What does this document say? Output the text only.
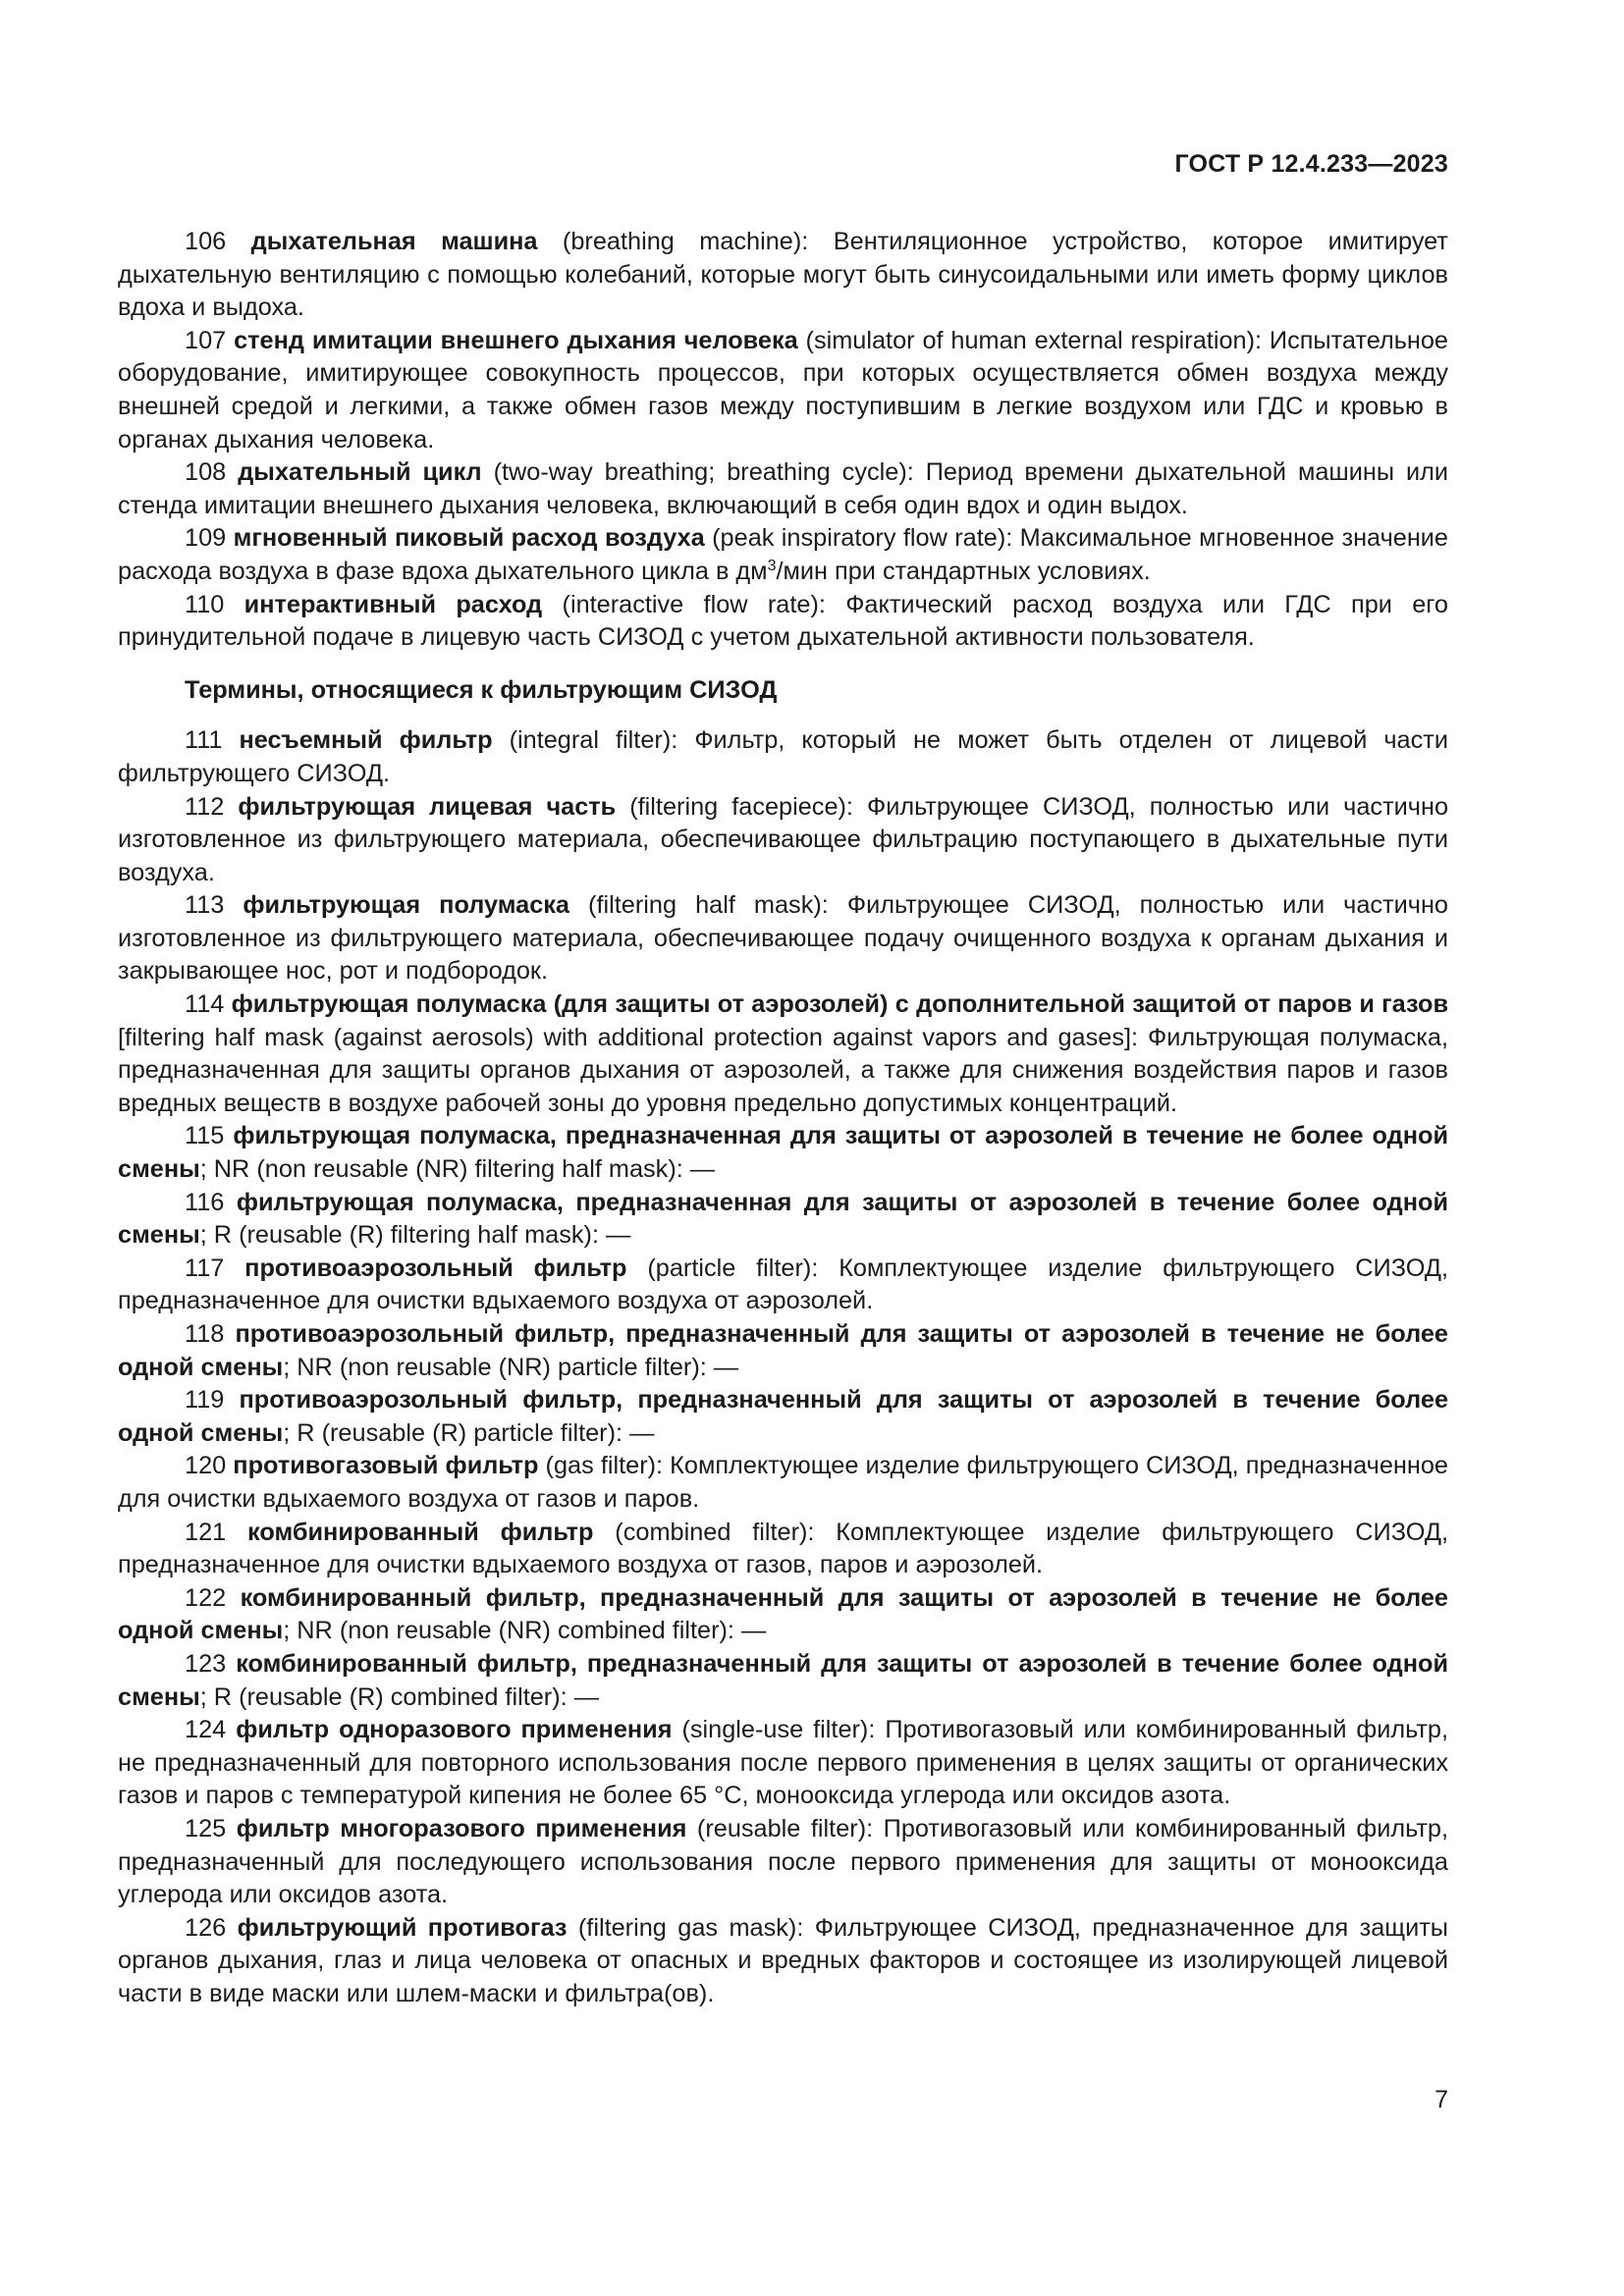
ГОСТ Р 12.4.233—2023

106 дыхательная машина (breathing machine): Вентиляционное устройство, которое имитирует дыхательную вентиляцию с помощью колебаний, которые могут быть синусоидальными или иметь форму циклов вдоха и выдоха.

107 стенд имитации внешнего дыхания человека (simulator of human external respiration): Испытательное оборудование, имитирующее совокупность процессов, при которых осуществляется обмен воздуха между внешней средой и легкими, а также обмен газов между поступившим в легкие воздухом или ГДС и кровью в органах дыхания человека.

108 дыхательный цикл (two-way breathing; breathing cycle): Период времени дыхательной машины или стенда имитации внешнего дыхания человека, включающий в себя один вдох и один выдох.

109 мгновенный пиковый расход воздуха (peak inspiratory flow rate): Максимальное мгновенное значение расхода воздуха в фазе вдоха дыхательного цикла в $дм^3$/мин при стандартных условиях.

110 интерактивный расход (interactive flow rate): Фактический расход воздуха или ГДС при его принудительной подаче в лицевую часть СИЗОД с учетом дыхательной активности пользователя.

Термины, относящиеся к фильтрующим СИЗОД

111 несъемный фильтр (integral filter): Фильтр, который не может быть отделен от лицевой части фильтрующего СИЗОД.

112 фильтрующая лицевая часть (filtering facepiece): Фильтрующее СИЗОД, полностью или частично изготовленное из фильтрующего материала, обеспечивающее фильтрацию поступающего в дыхательные пути воздуха.

113 фильтрующая полумаска (filtering half mask): Фильтрующее СИЗОД, полностью или частично изготовленное из фильтрующего материала, обеспечивающее подачу очищенного воздуха к органам дыхания и закрывающее нос, рот и подбородок.

114 фильтрующая полумаска (для защиты от аэрозолей) с дополнительной защитой от паров и газов [filtering half mask (against aerosols) with additional protection against vapors and gases]: Фильтрующая полумаска, предназначенная для защиты органов дыхания от аэрозолей, а также для снижения воздействия паров и газов вредных веществ в воздухе рабочей зоны до уровня предельно допустимых концентраций.

115 фильтрующая полумаска, предназначенная для защиты от аэрозолей в течение не более одной смены; NR (non reusable (NR) filtering half mask): —

116 фильтрующая полумаска, предназначенная для защиты от аэрозолей в течение более одной смены; R (reusable (R) filtering half mask): —

117 противоаэрозольный фильтр (particle filter): Комплектующее изделие фильтрующего СИЗОД, предназначенное для очистки вдыхаемого воздуха от аэрозолей.

118 противоаэрозольный фильтр, предназначенный для защиты от аэрозолей в течение не более одной смены; NR (non reusable (NR) particle filter): —

119 противоаэрозольный фильтр, предназначенный для защиты от аэрозолей в течение более одной смены; R (reusable (R) particle filter): —

120 противогазовый фильтр (gas filter): Комплектующее изделие фильтрующего СИЗОД, предназначенное для очистки вдыхаемого воздуха от газов и паров.

121 комбинированный фильтр (combined filter): Комплектующее изделие фильтрующего СИЗОД, предназначенное для очистки вдыхаемого воздуха от газов, паров и аэрозолей.

122 комбинированный фильтр, предназначенный для защиты от аэрозолей в течение не более одной смены; NR (non reusable (NR) combined filter): —

123 комбинированный фильтр, предназначенный для защиты от аэрозолей в течение более одной смены; R (reusable (R) combined filter): —

124 фильтр одноразового применения (single-use filter): Противогазовый или комбинированный фильтр, не предназначенный для повторного использования после первого применения в целях защиты от органических газов и паров с температурой кипения не более 65 °C, монооксида углерода или оксидов азота.

125 фильтр многоразового применения (reusable filter): Противогазовый или комбинированный фильтр, предназначенный для последующего использования после первого применения для защиты от монооксида углерода или оксидов азота.

126 фильтрующий противогаз (filtering gas mask): Фильтрующее СИЗОД, предназначенное для защиты органов дыхания, глаз и лица человека от опасных и вредных факторов и состоящее из изолирующей лицевой части в виде маски или шлем-маски и фильтра(ов).

7
